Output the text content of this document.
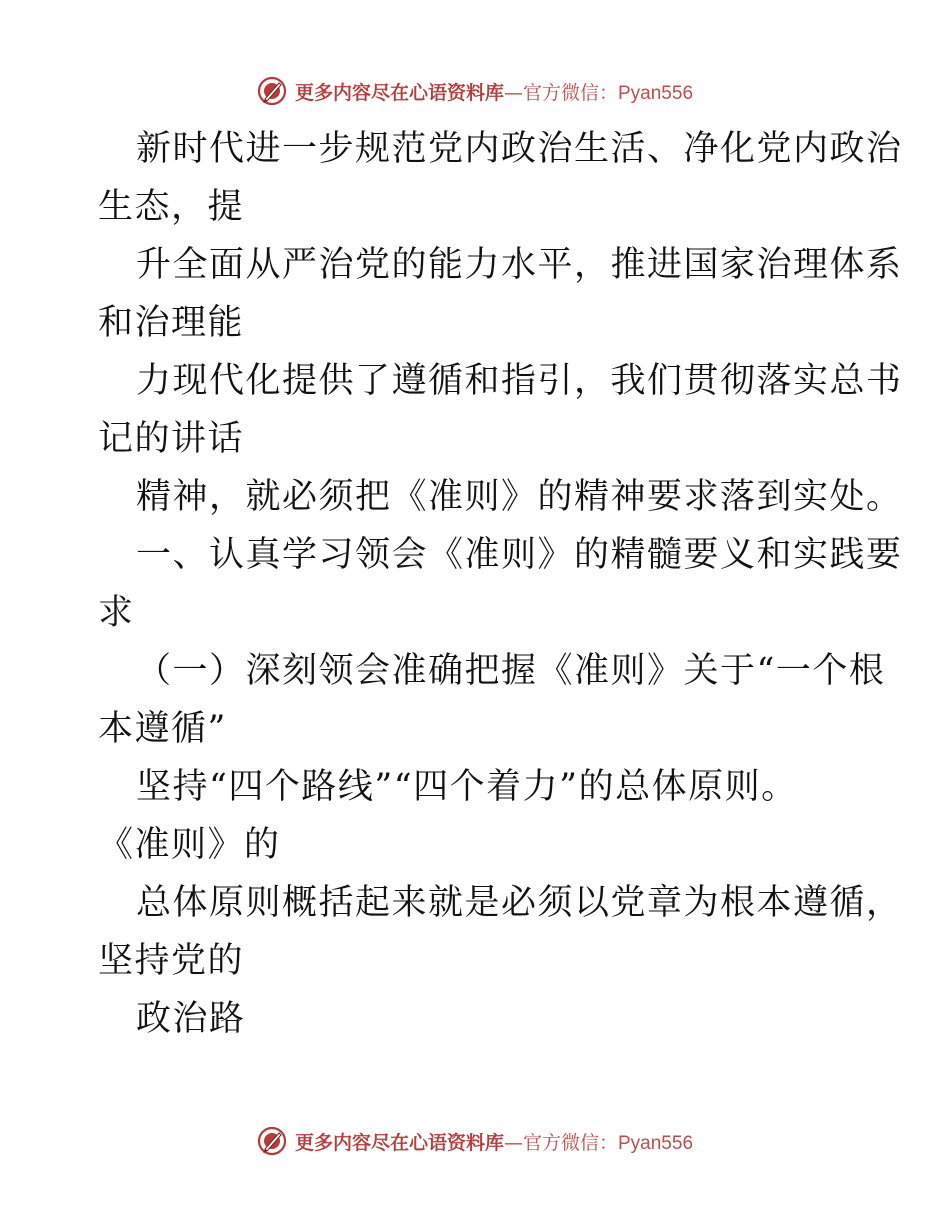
更多内容尽在心语资料库—官方微信：Pyan556
新时代进一步规范党内政治生活、净化党内政治
生态，提
升全面从严治党的能力水平，推进国家治理体系
和治理能
力现代化提供了遵循和指引，我们贯彻落实总书
记的讲话
精神，就必须把《准则》的精神要求落到实处。
一、认真学习领会《准则》的精髓要义和实践要
求
（一）深刻领会准确把握《准则》关于“一个根
本遵循”
坚持“四个路线”“四个着力”的总体原则。
《准则》的
总体原则概括起来就是必须以党章为根本遵循，
坚持党的
政治路
更多内容尽在心语资料库—官方微信：Pyan556
